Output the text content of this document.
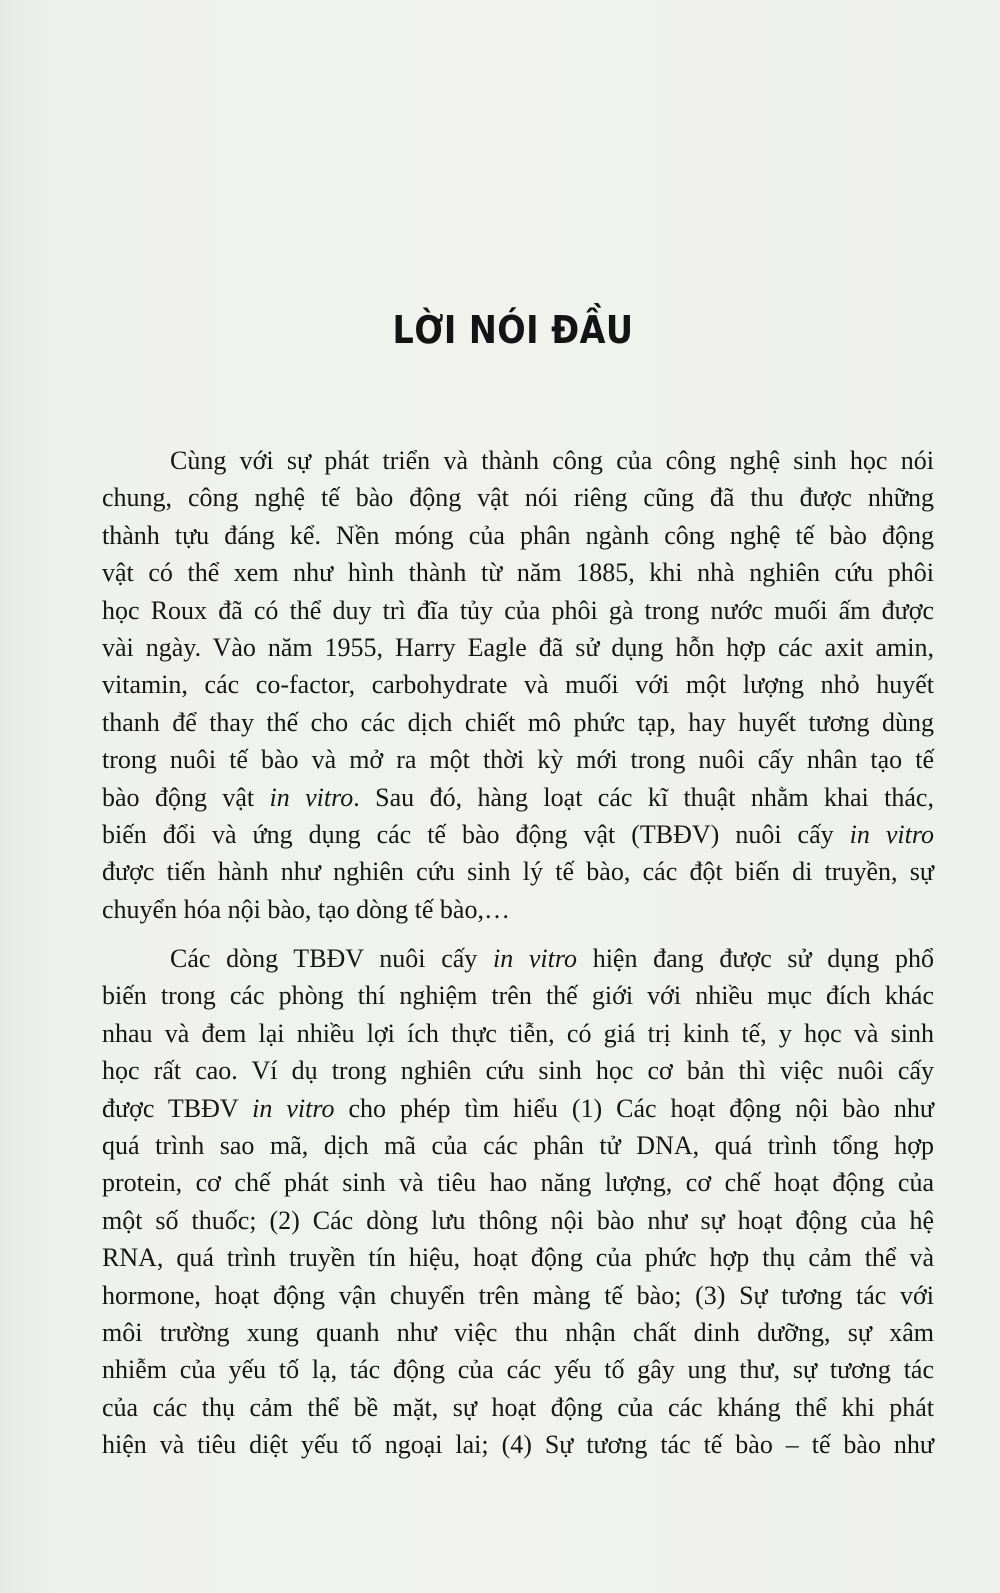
LỜI NÓI ĐẦU
Cùng với sự phát triển và thành công của công nghệ sinh học nói
chung, công nghệ tế bào động vật nói riêng cũng đã thu được những
thành tựu đáng kể. Nền móng của phân ngành công nghệ tế bào động
vật có thể xem như hình thành từ năm 1885, khi nhà nghiên cứu phôi
học Roux đã có thể duy trì đĩa tủy của phôi gà trong nước muối ấm được
vài ngày. Vào năm 1955, Harry Eagle đã sử dụng hỗn hợp các axit amin,
vitamin, các co-factor, carbohydrate và muối với một lượng nhỏ huyết
thanh để thay thế cho các dịch chiết mô phức tạp, hay huyết tương dùng
trong nuôi tế bào và mở ra một thời kỳ mới trong nuôi cấy nhân tạo tế
bào động vật in vitro. Sau đó, hàng loạt các kĩ thuật nhằm khai thác,
biến đổi và ứng dụng các tế bào động vật (TBĐV) nuôi cấy in vitro
được tiến hành như nghiên cứu sinh lý tế bào, các đột biến di truyền, sự
chuyển hóa nội bào, tạo dòng tế bào,…
Các dòng TBĐV nuôi cấy in vitro hiện đang được sử dụng phổ
biến trong các phòng thí nghiệm trên thế giới với nhiều mục đích khác
nhau và đem lại nhiều lợi ích thực tiễn, có giá trị kinh tế, y học và sinh
học rất cao. Ví dụ trong nghiên cứu sinh học cơ bản thì việc nuôi cấy
được TBĐV in vitro cho phép tìm hiểu (1) Các hoạt động nội bào như
quá trình sao mã, dịch mã của các phân tử DNA, quá trình tổng hợp
protein, cơ chế phát sinh và tiêu hao năng lượng, cơ chế hoạt động của
một số thuốc; (2) Các dòng lưu thông nội bào như sự hoạt động của hệ
RNA, quá trình truyền tín hiệu, hoạt động của phức hợp thụ cảm thể và
hormone, hoạt động vận chuyển trên màng tế bào; (3) Sự tương tác với
môi trường xung quanh như việc thu nhận chất dinh dưỡng, sự xâm
nhiễm của yếu tố lạ, tác động của các yếu tố gây ung thư, sự tương tác
của các thụ cảm thể bề mặt, sự hoạt động của các kháng thể khi phát
hiện và tiêu diệt yếu tố ngoại lai; (4) Sự tương tác tế bào – tế bào như
